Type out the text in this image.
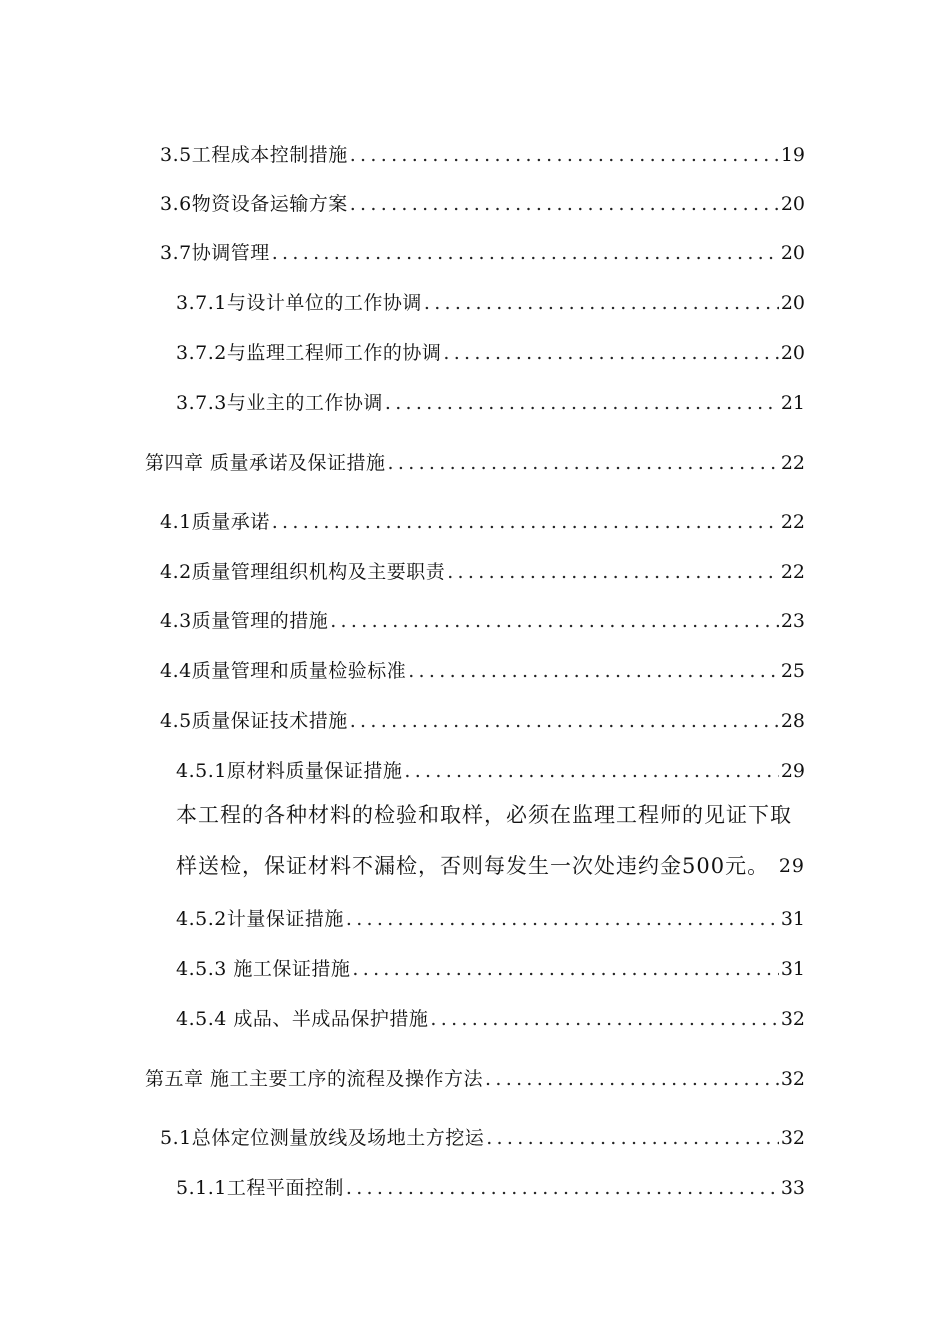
3.5工程成本控制措施 .....	19
3.6物资设备运输方案 .....	20
3.7协调管理 .....	20
3.7.1与设计单位的工作协调 .....	20
3.7.2与监理工程师工作的协调 .....	20
3.7.3与业主的工作协调 .....	21
第四章 质量承诺及保证措施 .....	22
4.1质量承诺 .....	22
4.2质量管理组织机构及主要职责 .....	22
4.3质量管理的措施 .....	23
4.4质量管理和质量检验标准 .....	25
4.5质量保证技术措施 .....	28
4.5.1原材料质量保证措施 .....	29
本工程的各种材料的检验和取样，必须在监理工程师的见证下取
样送检，保证材料不漏检，否则每发生一次处违约金500元。 29
4.5.2计量保证措施 .....	31
4.5.3 施工保证措施 .....	31
4.5.4 成品、半成品保护措施 .....	32
第五章 施工主要工序的流程及操作方法 .....	32
5.1总体定位测量放线及场地土方挖运 .....	32
5.1.1工程平面控制 .....	33
